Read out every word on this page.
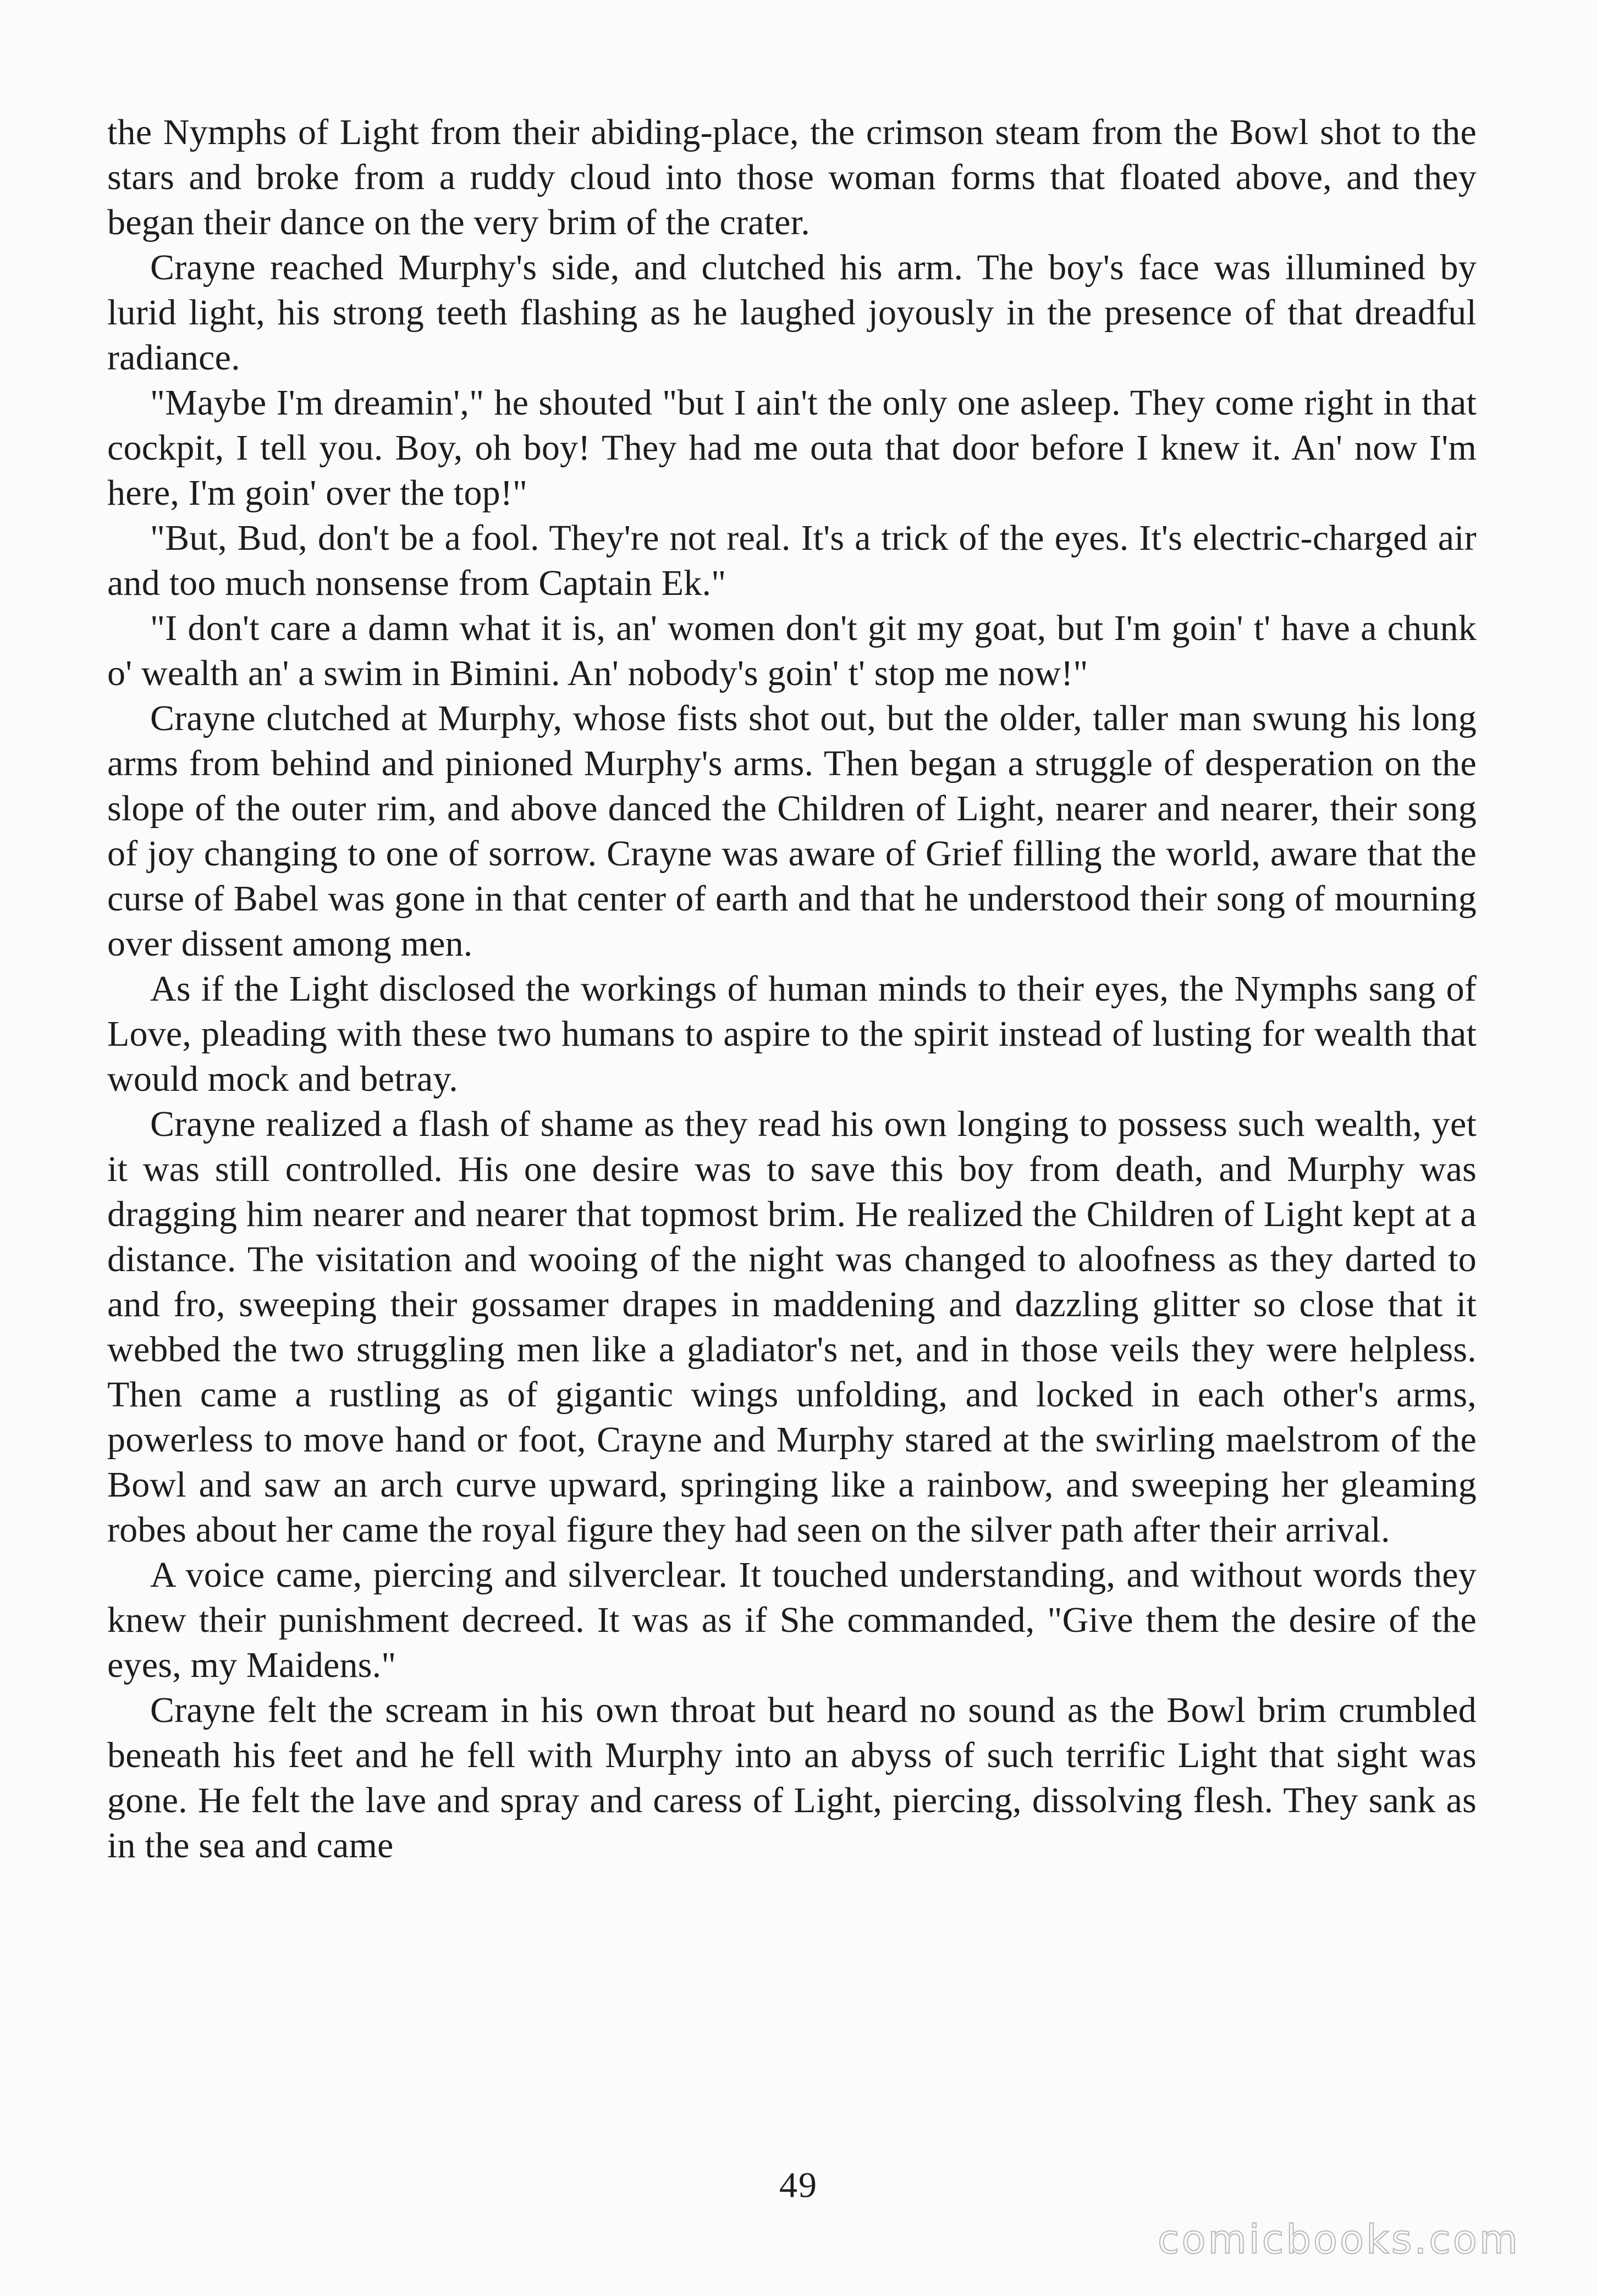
the Nymphs of Light from their abiding-place, the crimson steam from the Bowl shot to the stars and broke from a ruddy cloud into those woman forms that floated above, and they began their dance on the very brim of the crater.

Crayne reached Murphy's side, and clutched his arm. The boy's face was illumined by lurid light, his strong teeth flashing as he laughed joyously in the presence of that dreadful radiance.

"Maybe I'm dreamin'," he shouted "but I ain't the only one asleep. They come right in that cockpit, I tell you. Boy, oh boy! They had me outa that door before I knew it. An' now I'm here, I'm goin' over the top!"

"But, Bud, don't be a fool. They're not real. It's a trick of the eyes. It's electric-charged air and too much nonsense from Captain Ek."

"I don't care a damn what it is, an' women don't git my goat, but I'm goin' t' have a chunk o' wealth an' a swim in Bimini. An' nobody's goin' t' stop me now!"

Crayne clutched at Murphy, whose fists shot out, but the older, taller man swung his long arms from behind and pinioned Murphy's arms. Then began a struggle of desperation on the slope of the outer rim, and above danced the Children of Light, nearer and nearer, their song of joy changing to one of sorrow. Crayne was aware of Grief filling the world, aware that the curse of Babel was gone in that center of earth and that he understood their song of mourning over dissent among men.

As if the Light disclosed the workings of human minds to their eyes, the Nymphs sang of Love, pleading with these two humans to aspire to the spirit instead of lusting for wealth that would mock and betray.

Crayne realized a flash of shame as they read his own longing to possess such wealth, yet it was still controlled. His one desire was to save this boy from death, and Murphy was dragging him nearer and nearer that topmost brim. He realized the Children of Light kept at a distance. The visitation and wooing of the night was changed to aloofness as they darted to and fro, sweeping their gossamer drapes in maddening and dazzling glitter so close that it webbed the two struggling men like a gladiator's net, and in those veils they were helpless. Then came a rustling as of gigantic wings unfolding, and locked in each other's arms, powerless to move hand or foot, Crayne and Murphy stared at the swirling maelstrom of the Bowl and saw an arch curve upward, springing like a rainbow, and sweeping her gleaming robes about her came the royal figure they had seen on the silver path after their arrival.

A voice came, piercing and silverclear. It touched understanding, and without words they knew their punishment decreed. It was as if She commanded, "Give them the desire of the eyes, my Maidens."

Crayne felt the scream in his own throat but heard no sound as the Bowl brim crumbled beneath his feet and he fell with Murphy into an abyss of such terrific Light that sight was gone. He felt the lave and spray and caress of Light, piercing, dissolving flesh. They sank as in the sea and came

49
comicbooks.com
